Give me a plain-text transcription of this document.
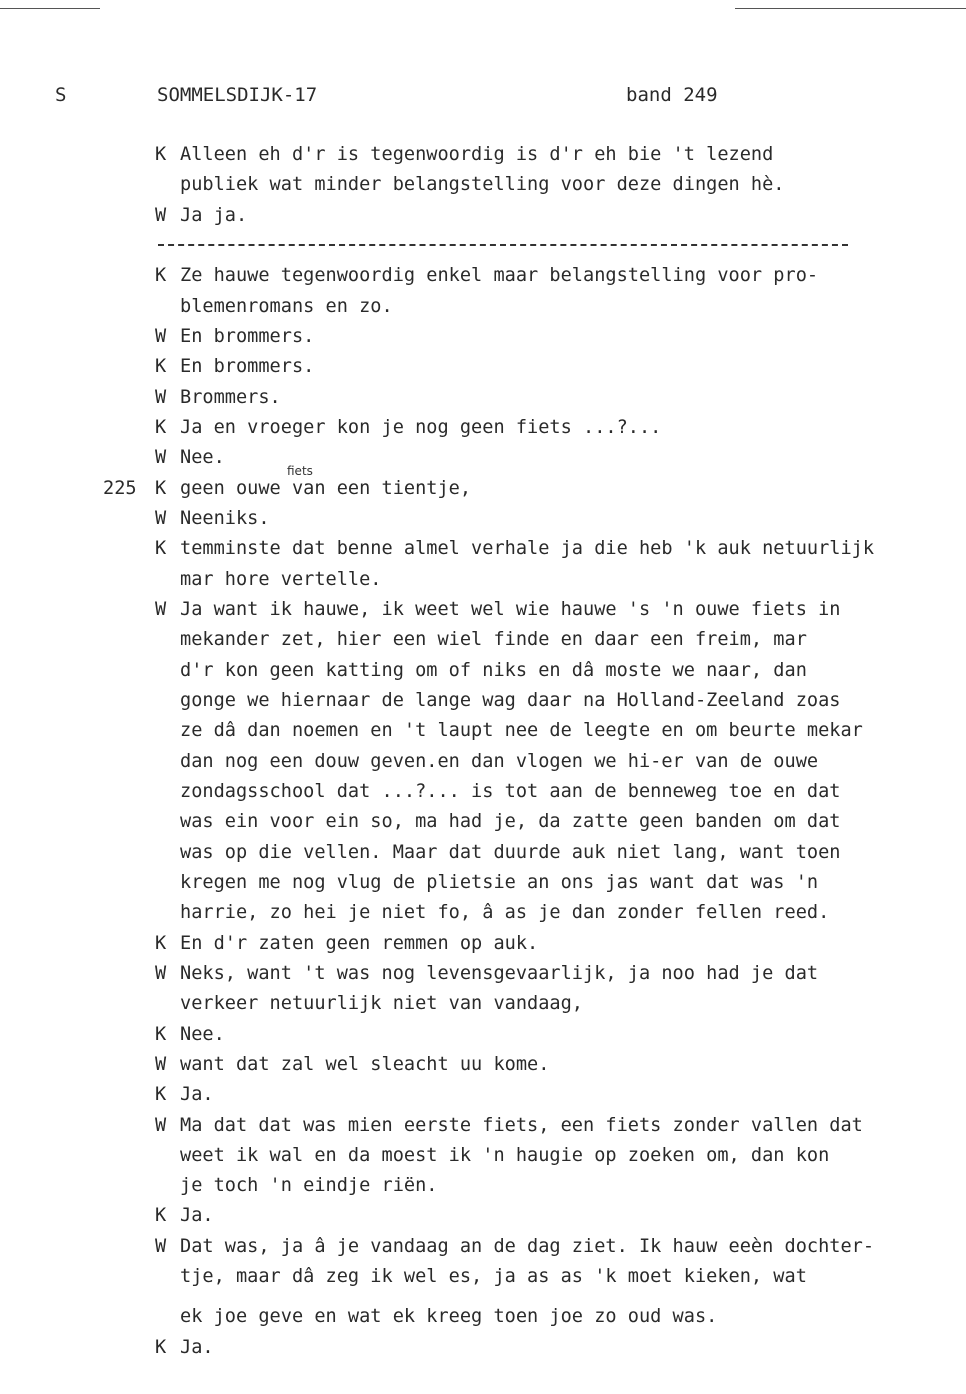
S	SOMMELSDIJK-17	band 249
fiets
K Alleen eh d'r is tegenwoordig is d'r eh bie 't lezend
publiek wat minder belangstelling voor deze dingen hè.
W Ja ja.
K Ze hauwe tegenwoordig enkel maar belangstelling voor pro-
blemenromans en zo.
W En brommers.
K En brommers.
W Brommers.
K Ja en vroeger kon je nog geen fiets ...?...
W Nee.
225 K geen ouwe van een tientje,
W Neeniks.
K temminste dat benne almel verhale ja die heb 'k auk netuurlijk
mar hore vertelle.
W Ja want ik hauwe, ik weet wel wie hauwe 's 'n ouwe fiets in
mekander zet, hier een wiel finde en daar een freim, mar
d'r kon geen katting om of niks en dâ moste we naar, dan
gonge we hiernaar de lange wag daar na Holland-Zeeland zoas
ze dâ dan noemen en 't laupt nee de leegte en om beurte mekar
dan nog een douw geven.en dan vlogen we hi-er van de ouwe
zondagsschool dat ...?... is tot aan de benneweg toe en dat
was ein voor ein so, ma had je, da zatte geen banden om dat
was op die vellen. Maar dat duurde auk niet lang, want toen
kregen me nog vlug de plietsie an ons jas want dat was 'n
harrie, zo hei je niet fo, â as je dan zonder fellen reed.
K En d'r zaten geen remmen op auk.
W Neks, want 't was nog levensgevaarlijk, ja noo had je dat
verkeer netuurlijk niet van vandaag,
K Nee.
W want dat zal wel sleacht uu kome.
K Ja.
W Ma dat dat was mien eerste fiets, een fiets zonder vallen dat
weet ik wal en da moest ik 'n haugie op zoeken om, dan kon
je toch 'n eindje riën.
K Ja.
W Dat was, ja â je vandaag an de dag ziet. Ik hauw eeèn dochter-
tje, maar dâ zeg ik wel es, ja as as 'k moet kieken, wat
ek joe geve en wat ek kreeg toen joe zo oud was.
K Ja.
